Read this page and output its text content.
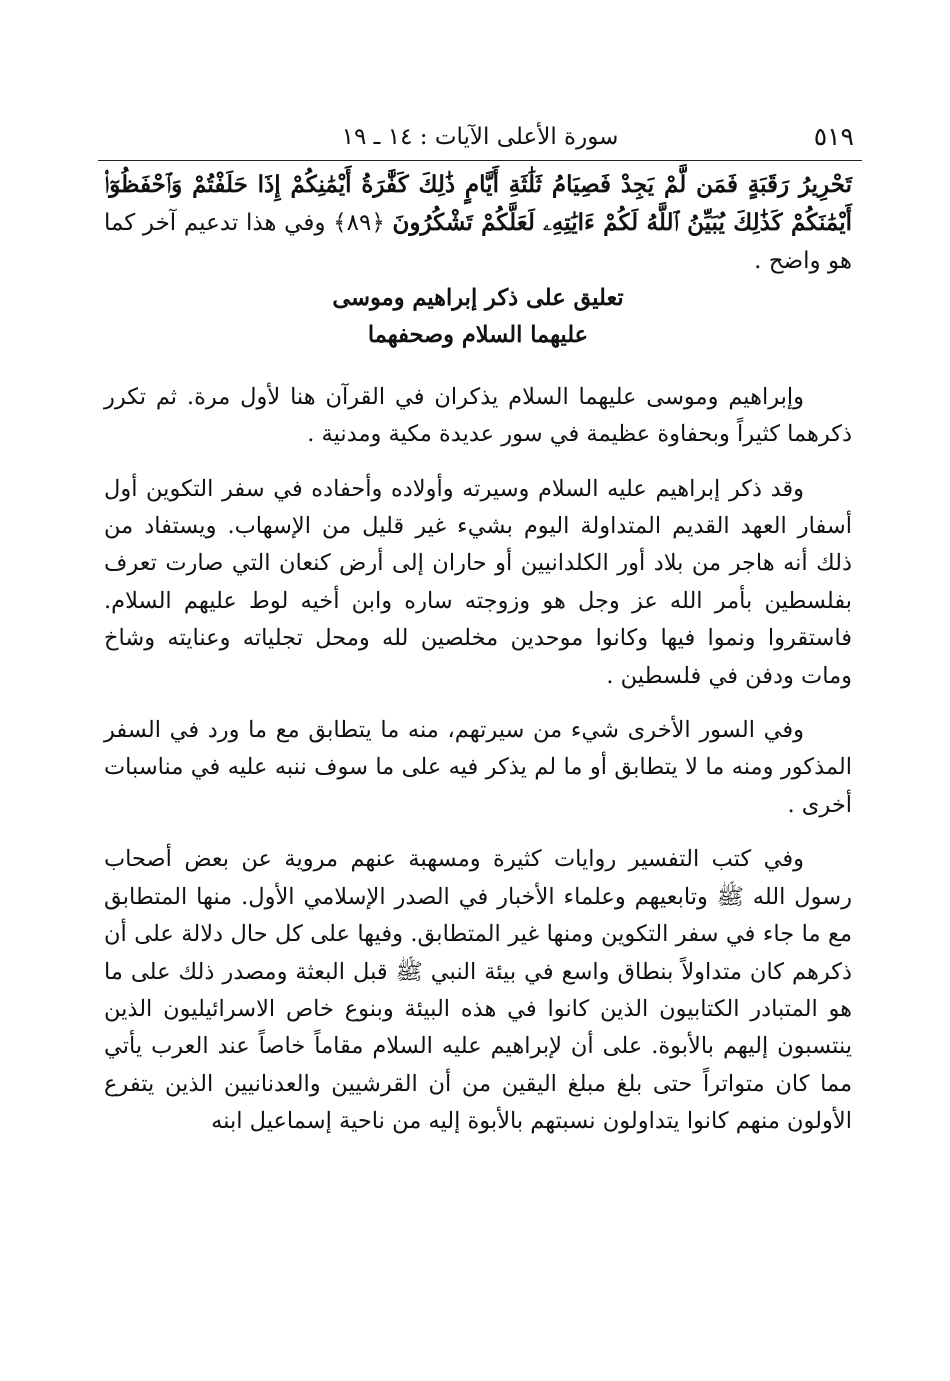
٥١٩
سورة الأعلى الآيات : ١٤ ـ ١٩

تَحْرِيرُ رَقَبَةٍ فَمَن لَّمْ يَجِدْ فَصِيَامُ ثَلَٰثَةِ أَيَّامٍ ذَٰلِكَ كَفَّٰرَةُ أَيْمَٰنِكُمْ إِذَا حَلَفْتُمْ وَٱحْفَظُوٓا۟ أَيْمَٰنَكُمْ كَذَٰلِكَ يُبَيِّنُ ٱللَّهُ لَكُمْ ءَايَٰتِهِۦ لَعَلَّكُمْ تَشْكُرُونَ ﴿٨٩﴾ وفي هذا تدعيم آخر كما هو واضح .

تعليق على ذكر إبراهيم وموسى

عليهما السلام وصحفهما

وإبراهيم وموسى عليهما السلام يذكران في القرآن هنا لأول مرة. ثم تكرر ذكرهما كثيراً وبحفاوة عظيمة في سور عديدة مكية ومدنية .

وقد ذكر إبراهيم عليه السلام وسيرته وأولاده وأحفاده في سفر التكوين أول أسفار العهد القديم المتداولة اليوم بشيء غير قليل من الإسهاب. ويستفاد من ذلك أنه هاجر من بلاد أور الكلدانيين أو حاران إلى أرض كنعان التي صارت تعرف بفلسطين بأمر الله عز وجل هو وزوجته ساره وابن أخيه لوط عليهم السلام. فاستقروا ونموا فيها وكانوا موحدين مخلصين لله ومحل تجلياته وعنايته وشاخ ومات ودفن في فلسطين .

وفي السور الأخرى شيء من سيرتهم، منه ما يتطابق مع ما ورد في السفر المذكور ومنه ما لا يتطابق أو ما لم يذكر فيه على ما سوف ننبه عليه في مناسبات أخرى .

وفي كتب التفسير روايات كثيرة ومسهبة عنهم مروية عن بعض أصحاب رسول الله ﷺ وتابعيهم وعلماء الأخبار في الصدر الإسلامي الأول. منها المتطابق مع ما جاء في سفر التكوين ومنها غير المتطابق. وفيها على كل حال دلالة على أن ذكرهم كان متداولاً بنطاق واسع في بيئة النبي ﷺ قبل البعثة ومصدر ذلك على ما هو المتبادر الكتابيون الذين كانوا في هذه البيئة وبنوع خاص الاسرائيليون الذين ينتسبون إليهم بالأبوة. على أن لإبراهيم عليه السلام مقاماً خاصاً عند العرب يأتي مما كان متواتراً حتى بلغ مبلغ اليقين من أن القرشيين والعدنانيين الذين يتفرع الأولون منهم كانوا يتداولون نسبتهم بالأبوة إليه من ناحية إسماعيل ابنه
